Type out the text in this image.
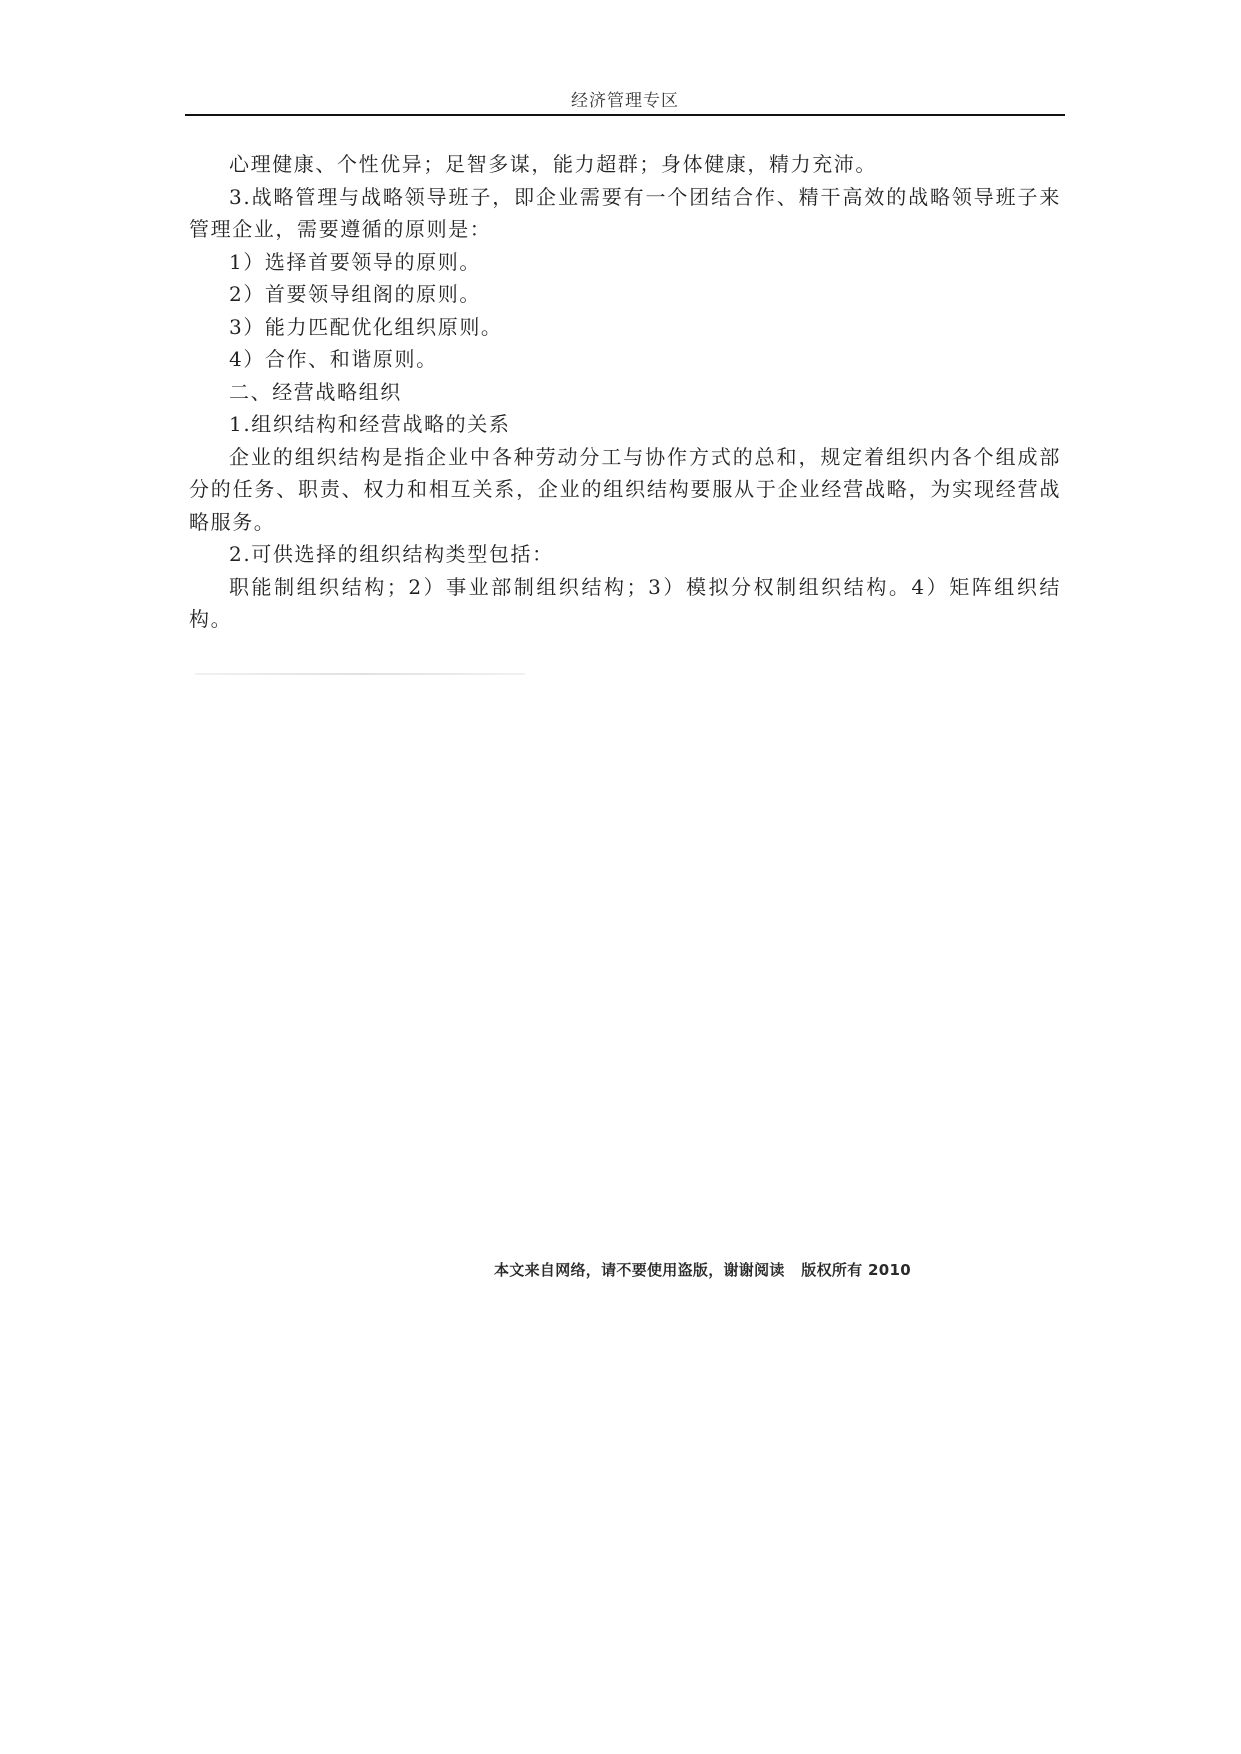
经济管理专区

心理健康、个性优异；足智多谋，能力超群；身体健康，精力充沛。

3.战略管理与战略领导班子，即企业需要有一个团结合作、精干高效的战略领导班子来管理企业，需要遵循的原则是：

1）选择首要领导的原则。

2）首要领导组阁的原则。

3）能力匹配优化组织原则。

4）合作、和谐原则。

二、经营战略组织

1.组织结构和经营战略的关系

企业的组织结构是指企业中各种劳动分工与协作方式的总和，规定着组织内各个组成部分的任务、职责、权力和相互关系，企业的组织结构要服从于企业经营战略，为实现经营战略服务。

2.可供选择的组织结构类型包括：

职能制组织结构；2）事业部制组织结构；3）模拟分权制组织结构。4）矩阵组织结构。

本文来自网络，请不要使用盗版，谢谢阅读   版权所有 2010
